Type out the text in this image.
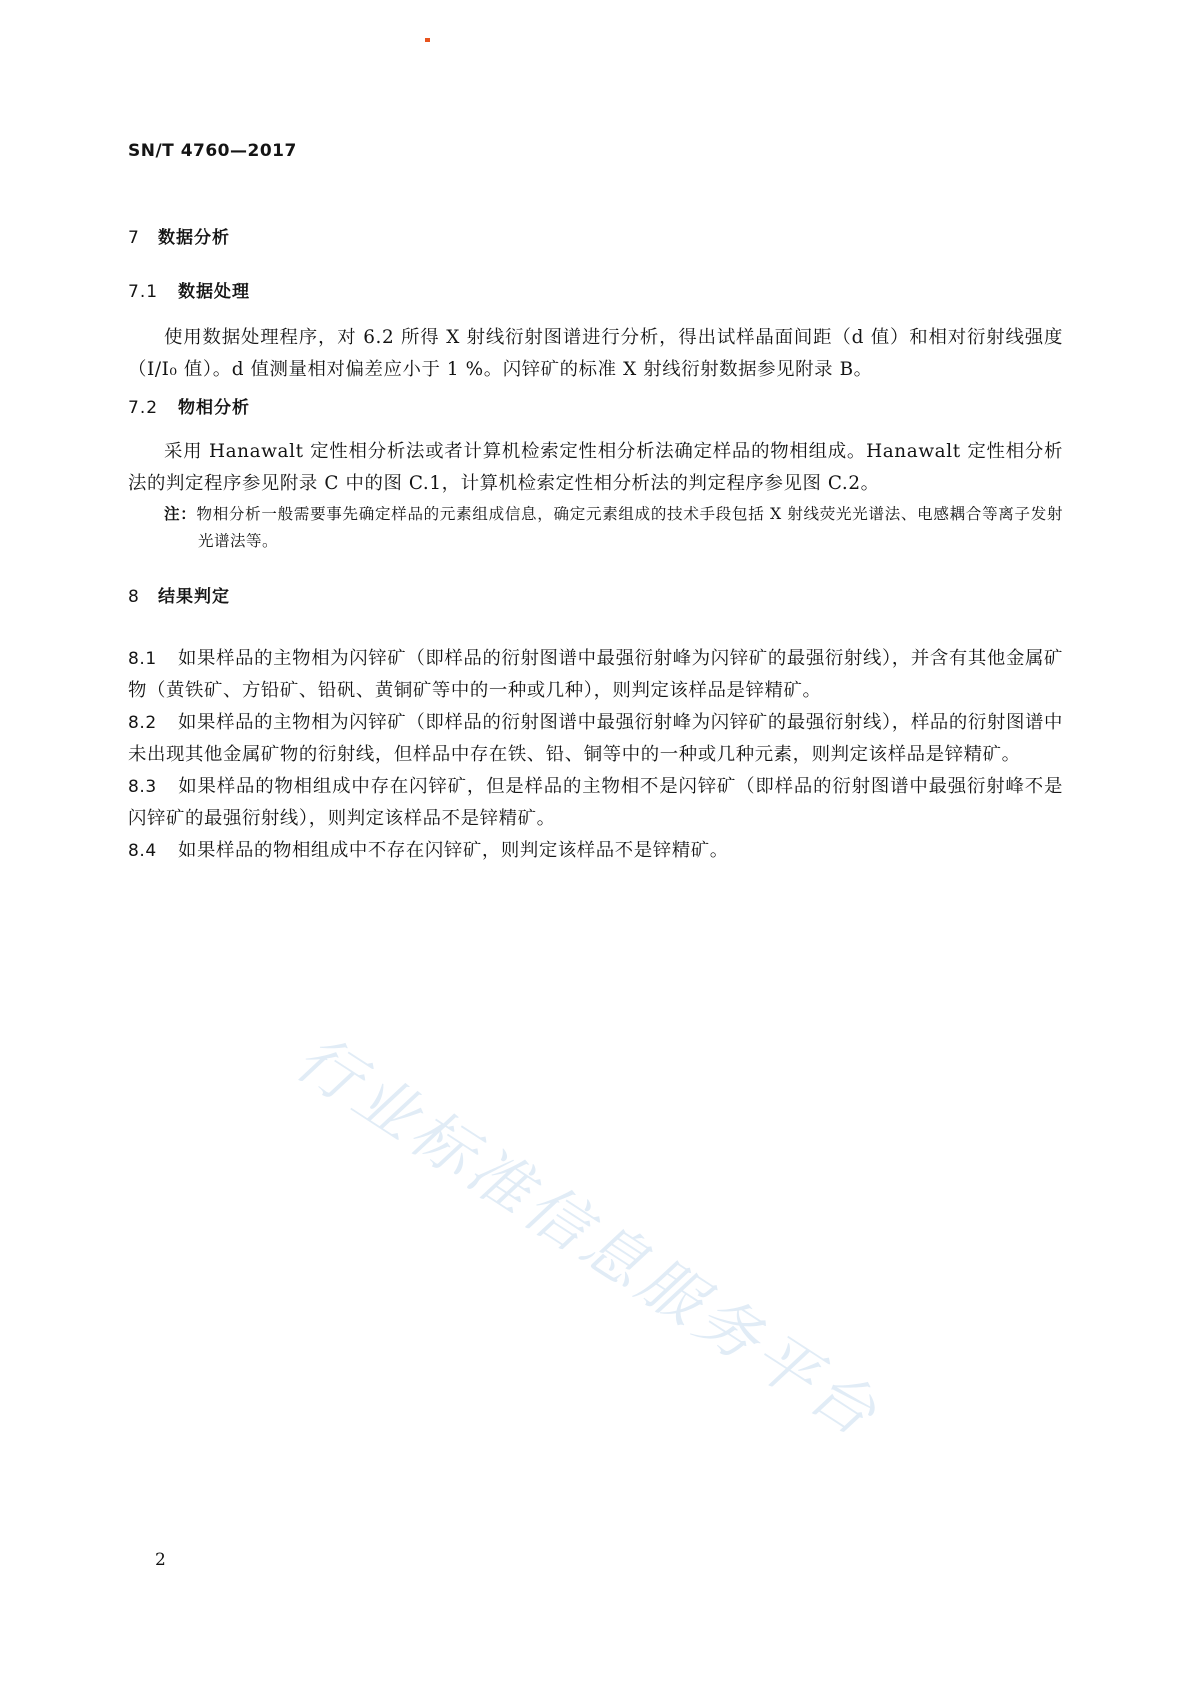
SN/T 4760—2017
7 数据分析
7.1 数据处理
使用数据处理程序，对 6.2 所得 X 射线衍射图谱进行分析，得出试样晶面间距（d 值）和相对衍射线强度（I/I₀ 值）。d 值测量相对偏差应小于 1 %。闪锌矿的标准 X 射线衍射数据参见附录 B。
7.2 物相分析
采用 Hanawalt 定性相分析法或者计算机检索定性相分析法确定样品的物相组成。Hanawalt 定性相分析法的判定程序参见附录 C 中的图 C.1，计算机检索定性相分析法的判定程序参见图 C.2。
注：物相分析一般需要事先确定样品的元素组成信息，确定元素组成的技术手段包括 X 射线荧光光谱法、电感耦合等离子发射光谱法等。
8 结果判定
8.1 如果样品的主物相为闪锌矿（即样品的衍射图谱中最强衍射峰为闪锌矿的最强衍射线），并含有其他金属矿物（黄铁矿、方铅矿、铅矾、黄铜矿等中的一种或几种），则判定该样品是锌精矿。
8.2 如果样品的主物相为闪锌矿（即样品的衍射图谱中最强衍射峰为闪锌矿的最强衍射线），样品的衍射图谱中未出现其他金属矿物的衍射线，但样品中存在铁、铅、铜等中的一种或几种元素，则判定该样品是锌精矿。
8.3 如果样品的物相组成中存在闪锌矿，但是样品的主物相不是闪锌矿（即样品的衍射图谱中最强衍射峰不是闪锌矿的最强衍射线），则判定该样品不是锌精矿。
8.4 如果样品的物相组成中不存在闪锌矿，则判定该样品不是锌精矿。
行业标准信息服务平台
2
